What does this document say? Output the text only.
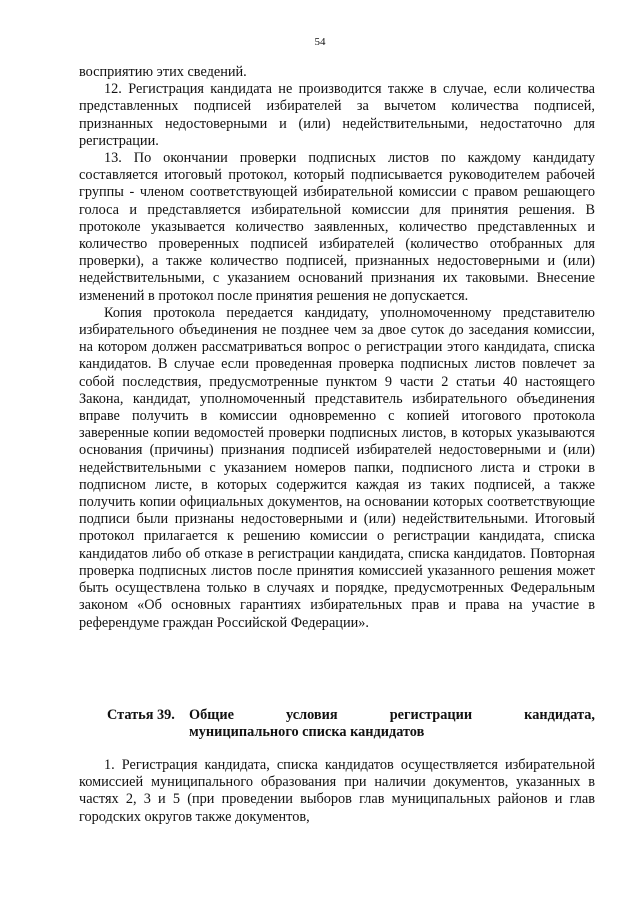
54

восприятию этих сведений.

12. Регистрация кандидата не производится также в случае, если количества представленных подписей избирателей за вычетом количества подписей, признанных недостоверными и (или) недействительными, недостаточно для регистрации.

13. По окончании проверки подписных листов по каждому кандидату составляется итоговый протокол, который подписывается руководителем рабочей группы - членом соответствующей избирательной комиссии с правом решающего голоса и представляется избирательной комиссии для принятия решения. В протоколе указывается количество заявленных, количество представленных и количество проверенных подписей избирателей (количество отобранных для проверки), а также количество подписей, признанных недостоверными и (или) недействительными, с указанием оснований признания их таковыми. Внесение изменений в протокол после принятия решения не допускается.

Копия протокола передается кандидату, уполномоченному представителю избирательного объединения не позднее чем за двое суток до заседания комиссии, на котором должен рассматриваться вопрос о регистрации этого кандидата, списка кандидатов. В случае если проведенная проверка подписных листов повлечет за собой последствия, предусмотренные пунктом 9 части 2 статьи 40 настоящего Закона, кандидат, уполномоченный представитель избирательного объединения вправе получить в комиссии одновременно с копией итогового протокола заверенные копии ведомостей проверки подписных листов, в которых указываются основания (причины) признания подписей избирателей недостоверными и (или) недействительными с указанием номеров папки, подписного листа и строки в подписном листе, в которых содержится каждая из таких подписей, а также получить копии официальных документов, на основании которых соответствующие подписи были признаны недостоверными и (или) недействительными. Итоговый протокол прилагается к решению комиссии о регистрации кандидата, списка кандидатов либо об отказе в регистрации кандидата, списка кандидатов. Повторная проверка подписных листов после принятия комиссией указанного решения может быть осуществлена только в случаях и порядке, предусмотренных Федеральным законом «Об основных гарантиях избирательных прав и права на участие в референдуме граждан Российской Федерации».

Статья 39. Общие условия регистрации кандидата,
муниципального списка кандидатов

1. Регистрация кандидата, списка кандидатов осуществляется избирательной комиссией муниципального образования при наличии документов, указанных в частях 2, 3 и 5 (при проведении выборов глав муниципальных районов и глав городских округов также документов,
